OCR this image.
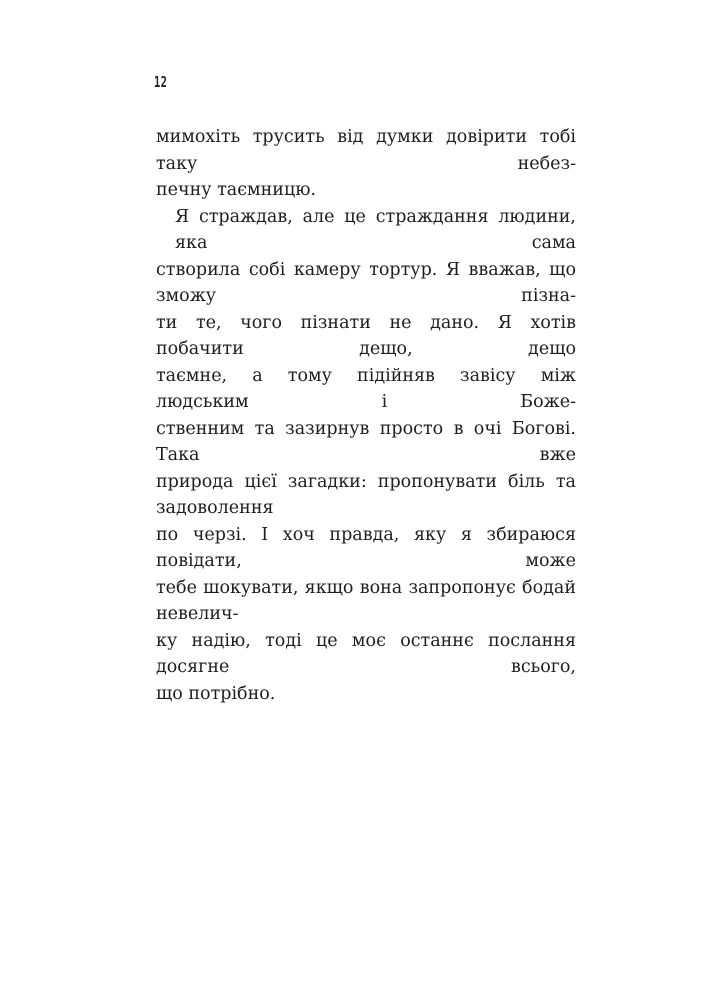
12
мимохіть трусить від думки довірити тобі таку небез-
печну таємницю.
Я страждав, але це страждання людини, яка сама
створила собі камеру тортур. Я вважав, що зможу пізна-
ти те, чого пізнати не дано. Я хотів побачити дещо, дещо
таємне, а тому підійняв завісу між людським і Боже-
ственним та зазирнув просто в очі Богові. Така вже
природа цієї загадки: пропонувати біль та задоволення
по черзі. І хоч правда, яку я збираюся повідати, може
тебе шокувати, якщо вона запропонує бодай невелич-
ку надію, тоді це моє останнє послання досягне всього,
що потрібно.
